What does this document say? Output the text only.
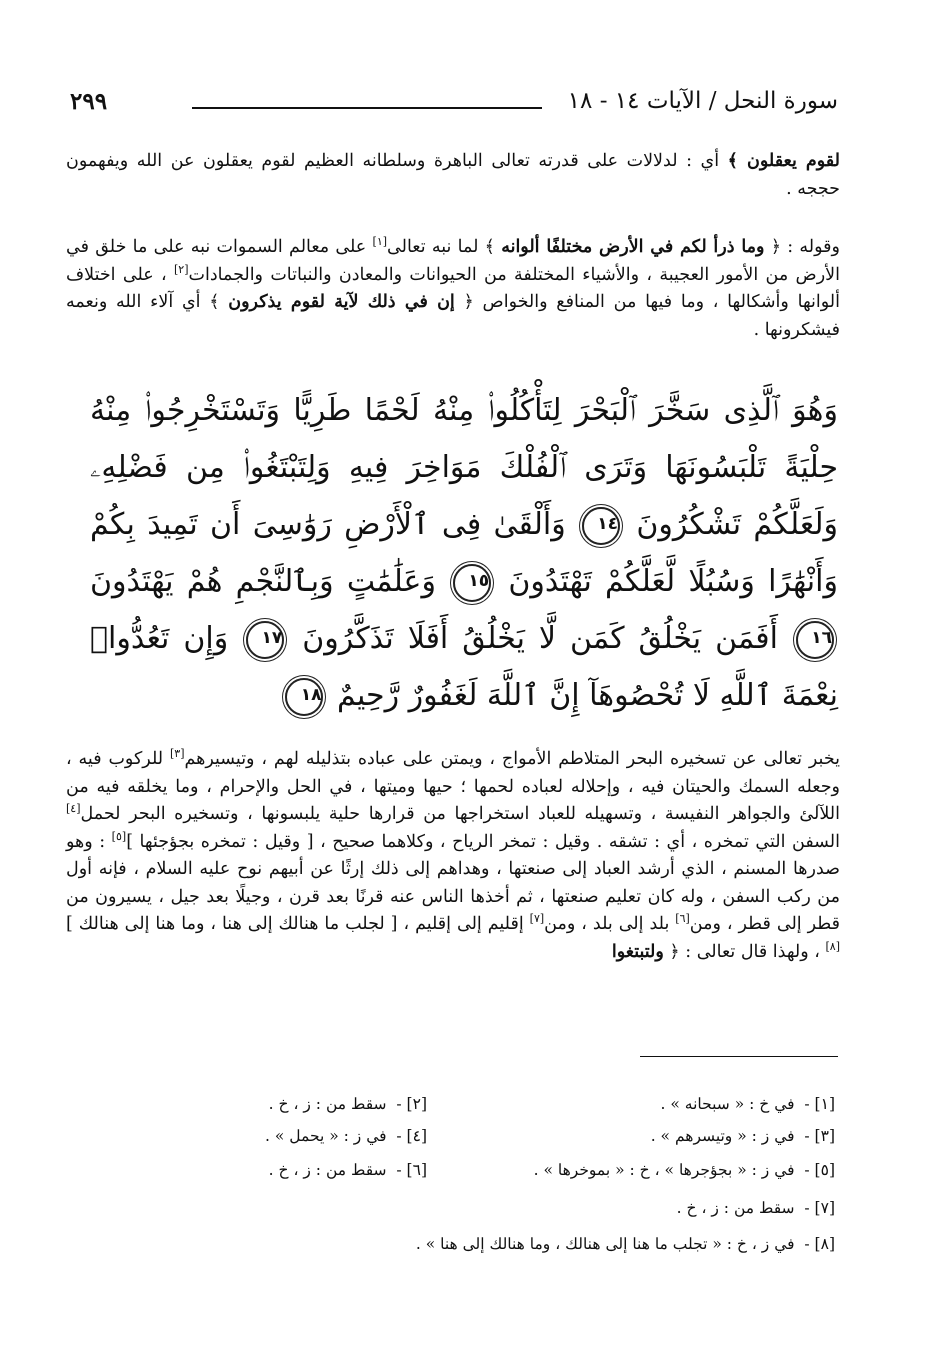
٢٩٩	سورة النحل / الآيات ١٤ - ١٨
لقوم يعقلون ﴾ أي : لدلالات على قدرته تعالى الباهرة وسلطانه العظيم لقوم يعقلون عن الله ويفهمون حججه .
وقوله : ﴿ وما ذرأ لكم في الأرض مختلفًا ألوانه ﴾ لما نبه تعالى[١] على معالم السموات نبه على ما خلق في الأرض من الأمور العجيبة ، والأشياء المختلفة من الحيوانات والمعادن والنباتات والجمادات[٢] ، على اختلاف ألوانها وأشكالها ، وما فيها من المنافع والخواص ﴿ إن في ذلك لآية لقوم يذكرون ﴾ أي آلاء الله ونعمه فيشكرونها .
وَهُوَ ٱلَّذِى سَخَّرَ ٱلْبَحْرَ لِتَأْكُلُوا۟ مِنْهُ لَحْمًا طَرِيًّا وَتَسْتَخْرِجُوا۟ مِنْهُ حِلْيَةً تَلْبَسُونَهَا وَتَرَى ٱلْفُلْكَ مَوَاخِرَ فِيهِ وَلِتَبْتَغُوا۟ مِن فَضْلِهِۦ وَلَعَلَّكُمْ تَشْكُرُونَ ١٤ وَأَلْقَىٰ فِى ٱلْأَرْضِ رَوَٰسِىَ أَن تَمِيدَ بِكُمْ وَأَنْهَٰرًا وَسُبُلًا لَّعَلَّكُمْ تَهْتَدُونَ ١٥ وَعَلَٰمَٰتٍ وَبِٱلنَّجْمِ هُمْ يَهْتَدُونَ ١٦ أَفَمَن يَخْلُقُ كَمَن لَّا يَخْلُقُ أَفَلَا تَذَكَّرُونَ ١٧ وَإِن تَعُدُّوا۟ نِعْمَةَ ٱللَّهِ لَا تُحْصُوهَآ إِنَّ ٱللَّهَ لَغَفُورٌ رَّحِيمٌ ١٨
يخبر تعالى عن تسخيره البحر المتلاطم الأمواج ، ويمتن على عباده بتذليله لهم ، وتيسيرهم[٣] للركوب فيه ، وجعله السمك والحيتان فيه ، وإحلاله لعباده لحمها ؛ حيها وميتها ، في الحل والإحرام ، وما يخلقه فيه من اللآلئ والجواهر النفيسة ، وتسهيله للعباد استخراجها من قرارها حلية يلبسونها ، وتسخيره البحر لحمل[٤] السفن التي تمخره ، أي : تشقه . وقيل : تمخر الرياح ، وكلاهما صحيح ، [ وقيل : تمخره بجؤجئها ][٥] : وهو صدرها المسنم ، الذي أرشد العباد إلى صنعتها ، وهداهم إلى ذلك إرثًا عن أبيهم نوح عليه السلام ، فإنه أول من ركب السفن ، وله كان تعليم صنعتها ، ثم أخذها الناس عنه قرنًا بعد قرن ، وجيلًا بعد جيل ، يسيرون من قطر إلى قطر ، ومن[٦] بلد إلى بلد ، ومن[٧] إقليم إلى إقليم ، [ لجلب ما هنالك إلى هنا ، وما هنا إلى هنالك ][٨] ، ولهذا قال تعالى : ﴿ ولتبتغوا
[١] -  في خ : « سبحانه » .
[٢] -  سقط من : ز ، خ .
[٣] -  في ز : « وتيسرهم » .
[٤] -  في ز : « يحمل » .
[٥] -  في ز : « بجؤجرها » ، خ : « بموخرها » .
[٦] -  سقط من : ز ، خ .
[٧] -  سقط من : ز ، خ .
[٨] -  في ز ، خ : « تجلب ما هنا إلى هنالك ، وما هنالك إلى هنا » .
